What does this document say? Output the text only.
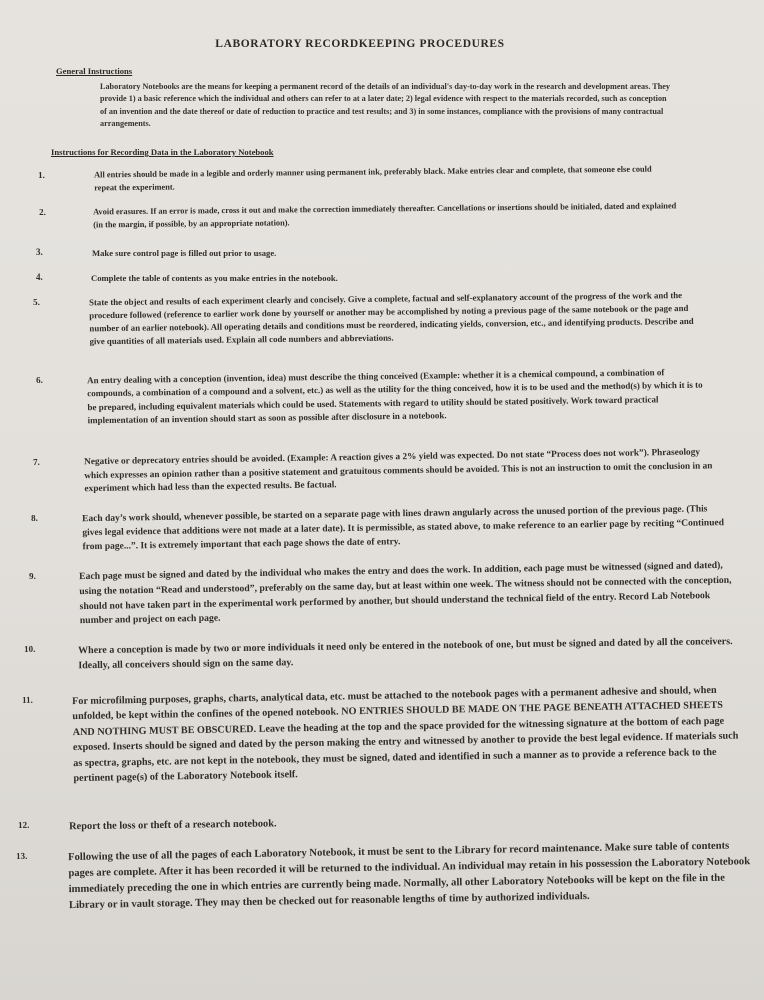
LABORATORY RECORDKEEPING PROCEDURES
General Instructions
Laboratory Notebooks are the means for keeping a permanent record of the details of an individual's day-to-day work in the research and development areas. They provide 1) a basic reference which the individual and others can refer to at a later date; 2) legal evidence with respect to the materials recorded, such as conception of an invention and the date thereof or date of reduction to practice and test results; and 3) in some instances, compliance with the provisions of many contractual arrangements.
Instructions for Recording Data in the Laboratory Notebook
1.	All entries should be made in a legible and orderly manner using permanent ink, preferably black. Make entries clear and complete, that someone else could repeat the experiment.
2.	Avoid erasures. If an error is made, cross it out and make the correction immediately thereafter. Cancellations or insertions should be initialed, dated and explained (in the margin, if possible, by an appropriate notation).
3.	Make sure control page is filled out prior to usage.
4.	Complete the table of contents as you make entries in the notebook.
5.	State the object and results of each experiment clearly and concisely. Give a complete, factual and self-explanatory account of the progress of the work and the procedure followed (reference to earlier work done by yourself or another may be accomplished by noting a previous page of the same notebook or the page and number of an earlier notebook). All operating details and conditions must be reordered, indicating yields, conversion, etc., and identifying products. Describe and give quantities of all materials used. Explain all code numbers and abbreviations.
6.	An entry dealing with a conception (invention, idea) must describe the thing conceived (Example: whether it is a chemical compound, a combination of compounds, a combination of a compound and a solvent, etc.) as well as the utility for the thing conceived, how it is to be used and the method(s) by which it is to be prepared, including equivalent materials which could be used. Statements with regard to utility should be stated positively. Work toward practical implementation of an invention should start as soon as possible after disclosure in a notebook.
7.	Negative or deprecatory entries should be avoided. (Example: A reaction gives a 2% yield was expected. Do not state “Process does not work”). Phraseology which expresses an opinion rather than a positive statement and gratuitous comments should be avoided. This is not an instruction to omit the conclusion in an experiment which had less than the expected results. Be factual.
8.	Each day’s work should, whenever possible, be started on a separate page with lines drawn angularly across the unused portion of the previous page. (This gives legal evidence that additions were not made at a later date). It is permissible, as stated above, to make reference to an earlier page by reciting “Continued from page...”. It is extremely important that each page shows the date of entry.
9.	Each page must be signed and dated by the individual who makes the entry and does the work. In addition, each page must be witnessed (signed and dated), using the notation “Read and understood”, preferably on the same day, but at least within one week. The witness should not be connected with the conception, should not have taken part in the experimental work performed by another, but should understand the technical field of the entry. Record Lab Notebook number and project on each page.
10.	Where a conception is made by two or more individuals it need only be entered in the notebook of one, but must be signed and dated by all the conceivers. Ideally, all conceivers should sign on the same day.
11.	For microfilming purposes, graphs, charts, analytical data, etc. must be attached to the notebook pages with a permanent adhesive and should, when unfolded, be kept within the confines of the opened notebook. NO ENTRIES SHOULD BE MADE ON THE PAGE BENEATH ATTACHED SHEETS AND NOTHING MUST BE OBSCURED. Leave the heading at the top and the space provided for the witnessing signature at the bottom of each page exposed. Inserts should be signed and dated by the person making the entry and witnessed by another to provide the best legal evidence. If materials such as spectra, graphs, etc. are not kept in the notebook, they must be signed, dated and identified in such a manner as to provide a reference back to the pertinent page(s) of the Laboratory Notebook itself.
12.	Report the loss or theft of a research notebook.
13.	Following the use of all the pages of each Laboratory Notebook, it must be sent to the Library for record maintenance. Make sure table of contents pages are complete. After it has been recorded it will be returned to the individual. An individual may retain in his possession the Laboratory Notebook immediately preceding the one in which entries are currently being made. Normally, all other Laboratory Notebooks will be kept on the file in the Library or in vault storage. They may then be checked out for reasonable lengths of time by authorized individuals.
